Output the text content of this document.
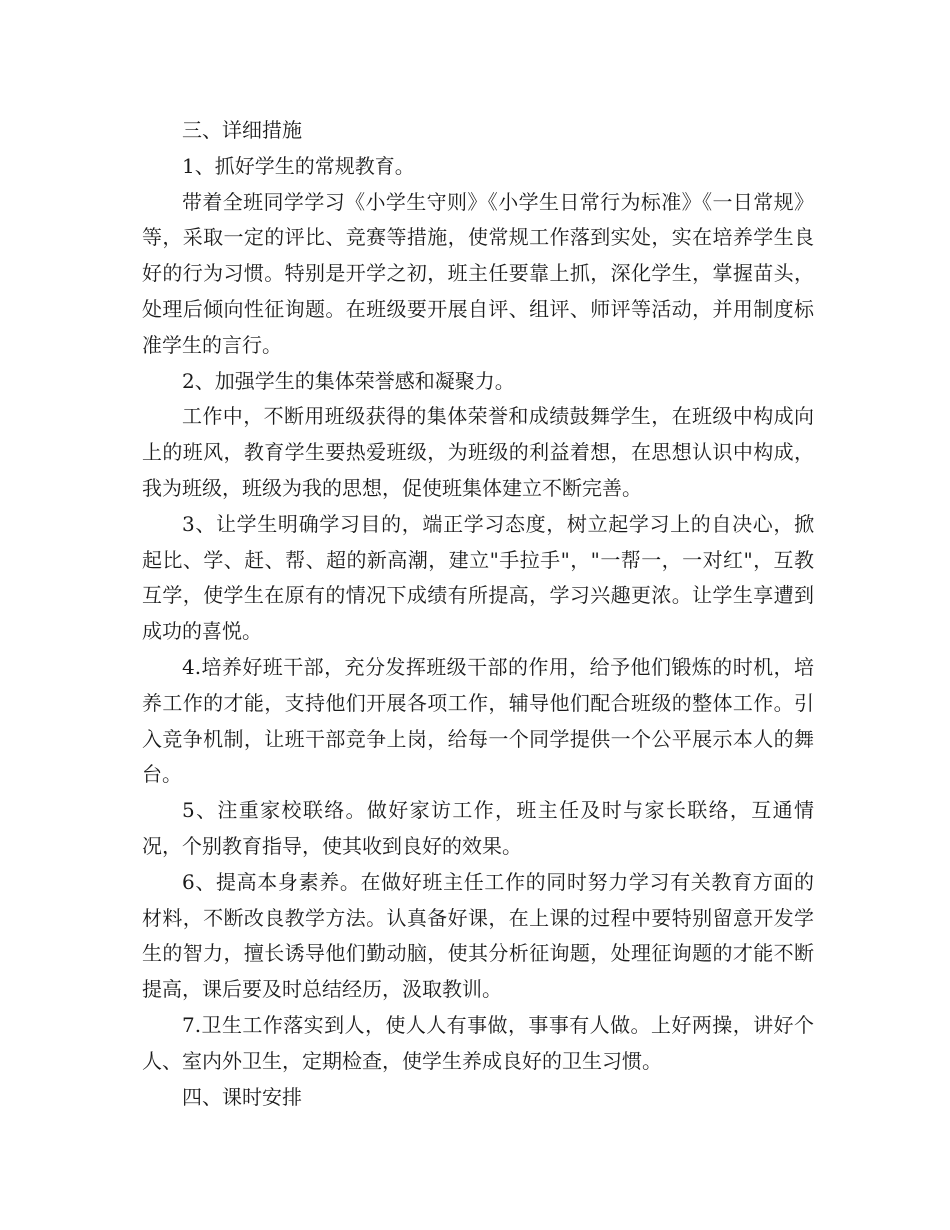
三、详细措施

1、抓好学生的常规教育。

带着全班同学学习《小学生守则》《小学生日常行为标准》《一日常规》等，采取一定的评比、竞赛等措施，使常规工作落到实处，实在培养学生良好的行为习惯。特别是开学之初，班主任要靠上抓，深化学生，掌握苗头，处理后倾向性征询题。在班级要开展自评、组评、师评等活动，并用制度标准学生的言行。

2、加强学生的集体荣誉感和凝聚力。

工作中，不断用班级获得的集体荣誉和成绩鼓舞学生，在班级中构成向上的班风，教育学生要热爱班级，为班级的利益着想，在思想认识中构成，我为班级，班级为我的思想，促使班集体建立不断完善。

3、让学生明确学习目的，端正学习态度，树立起学习上的自决心，掀起比、学、赶、帮、超的新高潮，建立"手拉手"，"一帮一，一对红"，互教互学，使学生在原有的情况下成绩有所提高，学习兴趣更浓。让学生享遭到成功的喜悦。

4.培养好班干部，充分发挥班级干部的作用，给予他们锻炼的时机，培养工作的才能，支持他们开展各项工作，辅导他们配合班级的整体工作。引入竞争机制，让班干部竞争上岗，给每一个同学提供一个公平展示本人的舞台。

5、注重家校联络。做好家访工作，班主任及时与家长联络，互通情况，个别教育指导，使其收到良好的效果。

6、提高本身素养。在做好班主任工作的同时努力学习有关教育方面的材料，不断改良教学方法。认真备好课，在上课的过程中要特别留意开发学生的智力，擅长诱导他们勤动脑，使其分析征询题，处理征询题的才能不断提高，课后要及时总结经历，汲取教训。

7.卫生工作落实到人，使人人有事做，事事有人做。上好两操，讲好个人、室内外卫生，定期检查，使学生养成良好的卫生习惯。

四、课时安排
